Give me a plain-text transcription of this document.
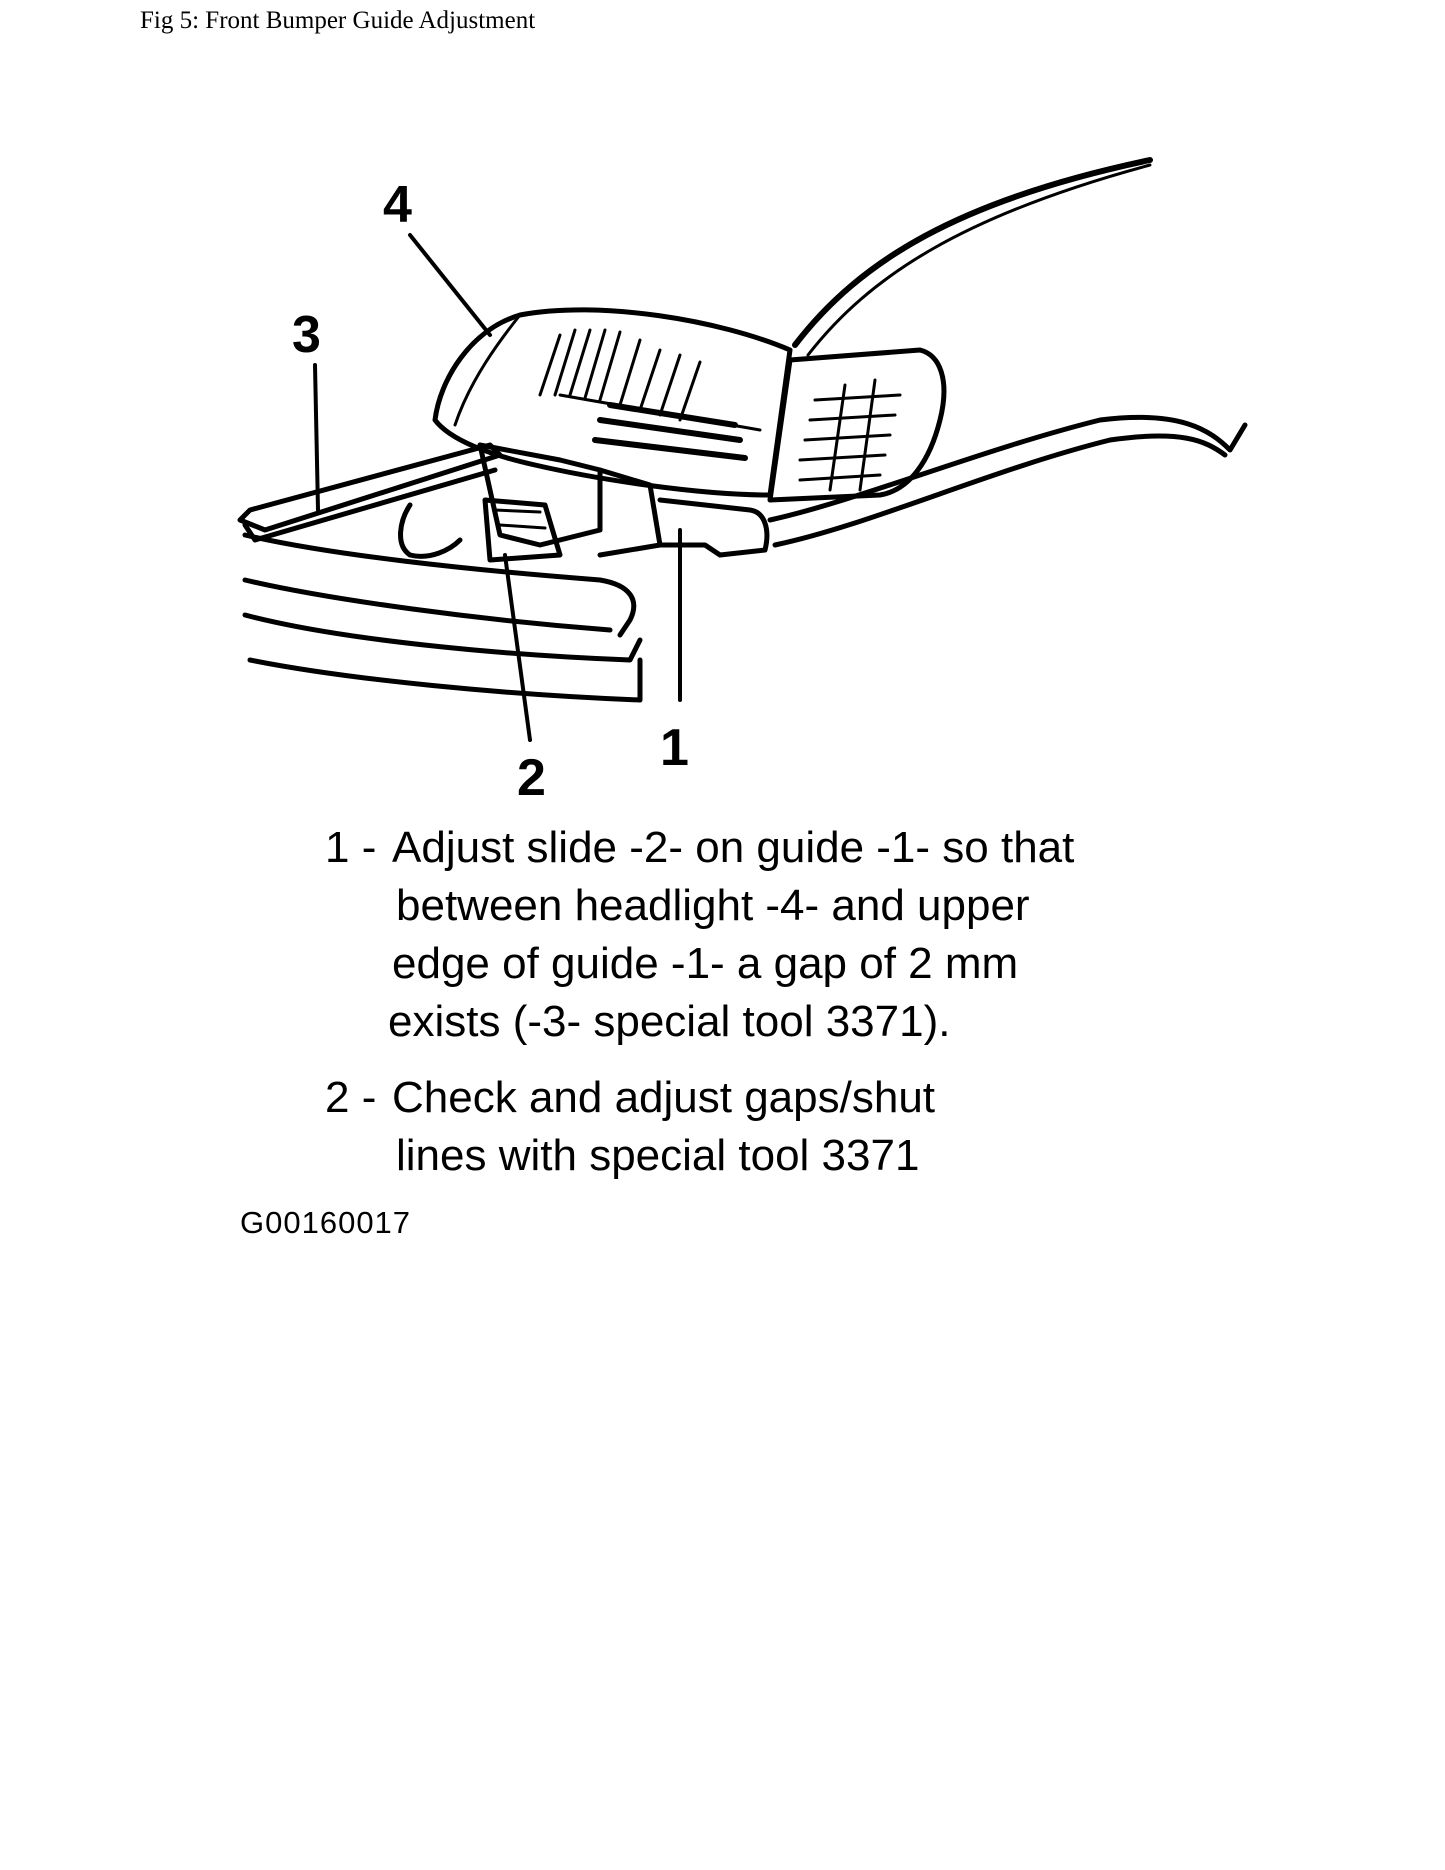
Fig 5: Front Bumper Guide Adjustment
4
3
2
1
1 - Adjust slide -2- on guide -1- so that
between headlight -4- and upper
edge of guide -1- a gap of 2 mm
exists (-3- special tool 3371).
2 - Check and adjust gaps/shut
lines with special tool 3371
G00160017
